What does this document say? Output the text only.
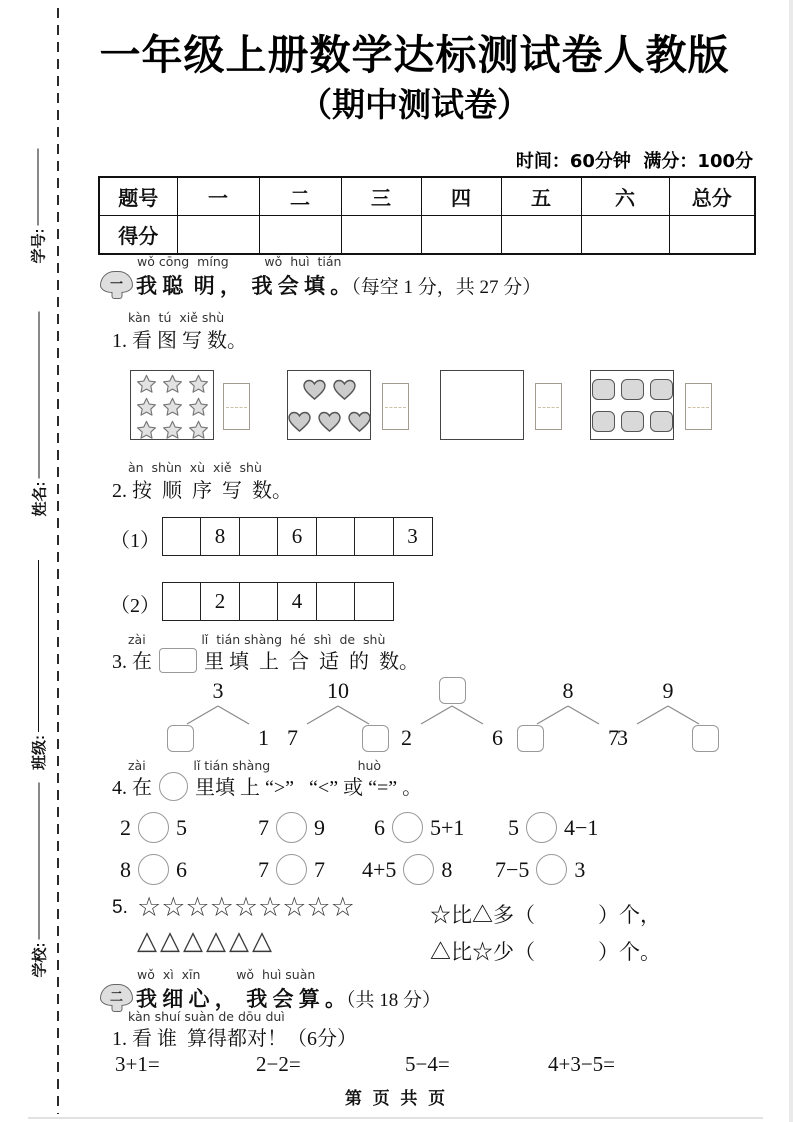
学号:
姓名:
班级:
学校:
一年级上册数学达标测试卷人教版
（期中测试卷）
时间：60分钟  满分：100分
题号	一	二	三	四	五	六	总分
得分							
一
wǒ cōng  míng         wǒ  huì  tián
我 聪  明 ，  我 会 填 。（每空 1 分，共 27 分）
kàn  tú  xiě shù
1. 看 图 写 数。
àn  shùn  xù  xiě  shù
2. 按  顺  序  写  数。
（1）	8	6	3
（2）	2	4
zài              lǐ  tián shàng  hé  shì  de  shù
3. 在	里 填  上  合  适  的  数。
3
1
10
7	2	6
8
7
9
3
zài            lǐ tián shàng                      huò
4. 在 里填 上 “>”   “<” 或 “=” 。
2 5	7 9 6 5+1 5 4−1
8 6	7 7 4+5 8 7−5 3
5. ☆☆☆☆☆☆☆☆☆
△△△△△△
☆比△多（　　　）个，
△比☆少（　　　）个。
二
wǒ  xì  xīn         wǒ  huì suàn
我 细 心 ，  我 会 算 。（共 18 分）
kàn shuí suàn de dōu duì
1. 看 谁  算得都对！（6分）
3+1=	2−2=	5−4=	4+3−5=
第 页 共 页
